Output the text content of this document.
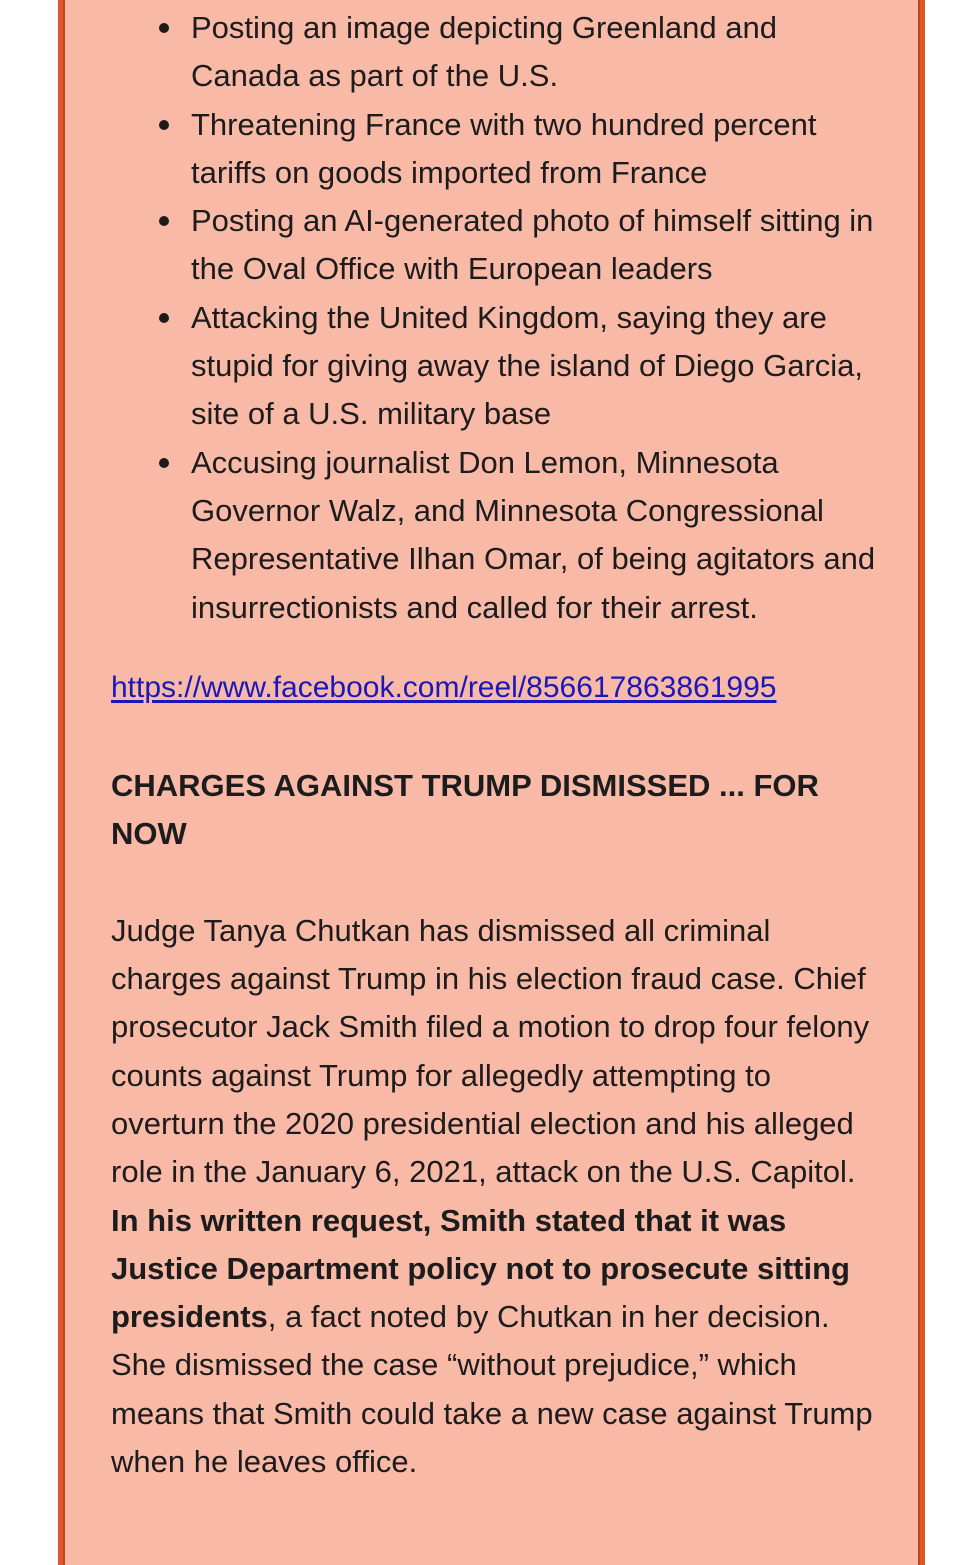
Posting an image depicting Greenland and Canada as part of the U.S.
Threatening France with two hundred percent tariffs on goods imported from France
Posting an AI-generated photo of himself sitting in the Oval Office with European leaders
Attacking the United Kingdom, saying they are stupid for giving away the island of Diego Garcia, site of a U.S. military base
Accusing journalist Don Lemon, Minnesota Governor Walz, and Minnesota Congressional Representative Ilhan Omar, of being agitators and insurrectionists and called for their arrest.
https://www.facebook.com/reel/856617863861995
CHARGES AGAINST TRUMP DISMISSED ... FOR NOW

Judge Tanya Chutkan has dismissed all criminal charges against Trump in his election fraud case. Chief prosecutor Jack Smith filed a motion to drop four felony counts against Trump for allegedly attempting to overturn the 2020 presidential election and his alleged role in the January 6, 2021, attack on the U.S. Capitol.  In his written request, Smith stated that it was Justice Department policy not to prosecute sitting presidents, a fact noted by Chutkan in her decision.  She dismissed the case “without prejudice,” which means that Smith could take a new case against Trump when he leaves office.
